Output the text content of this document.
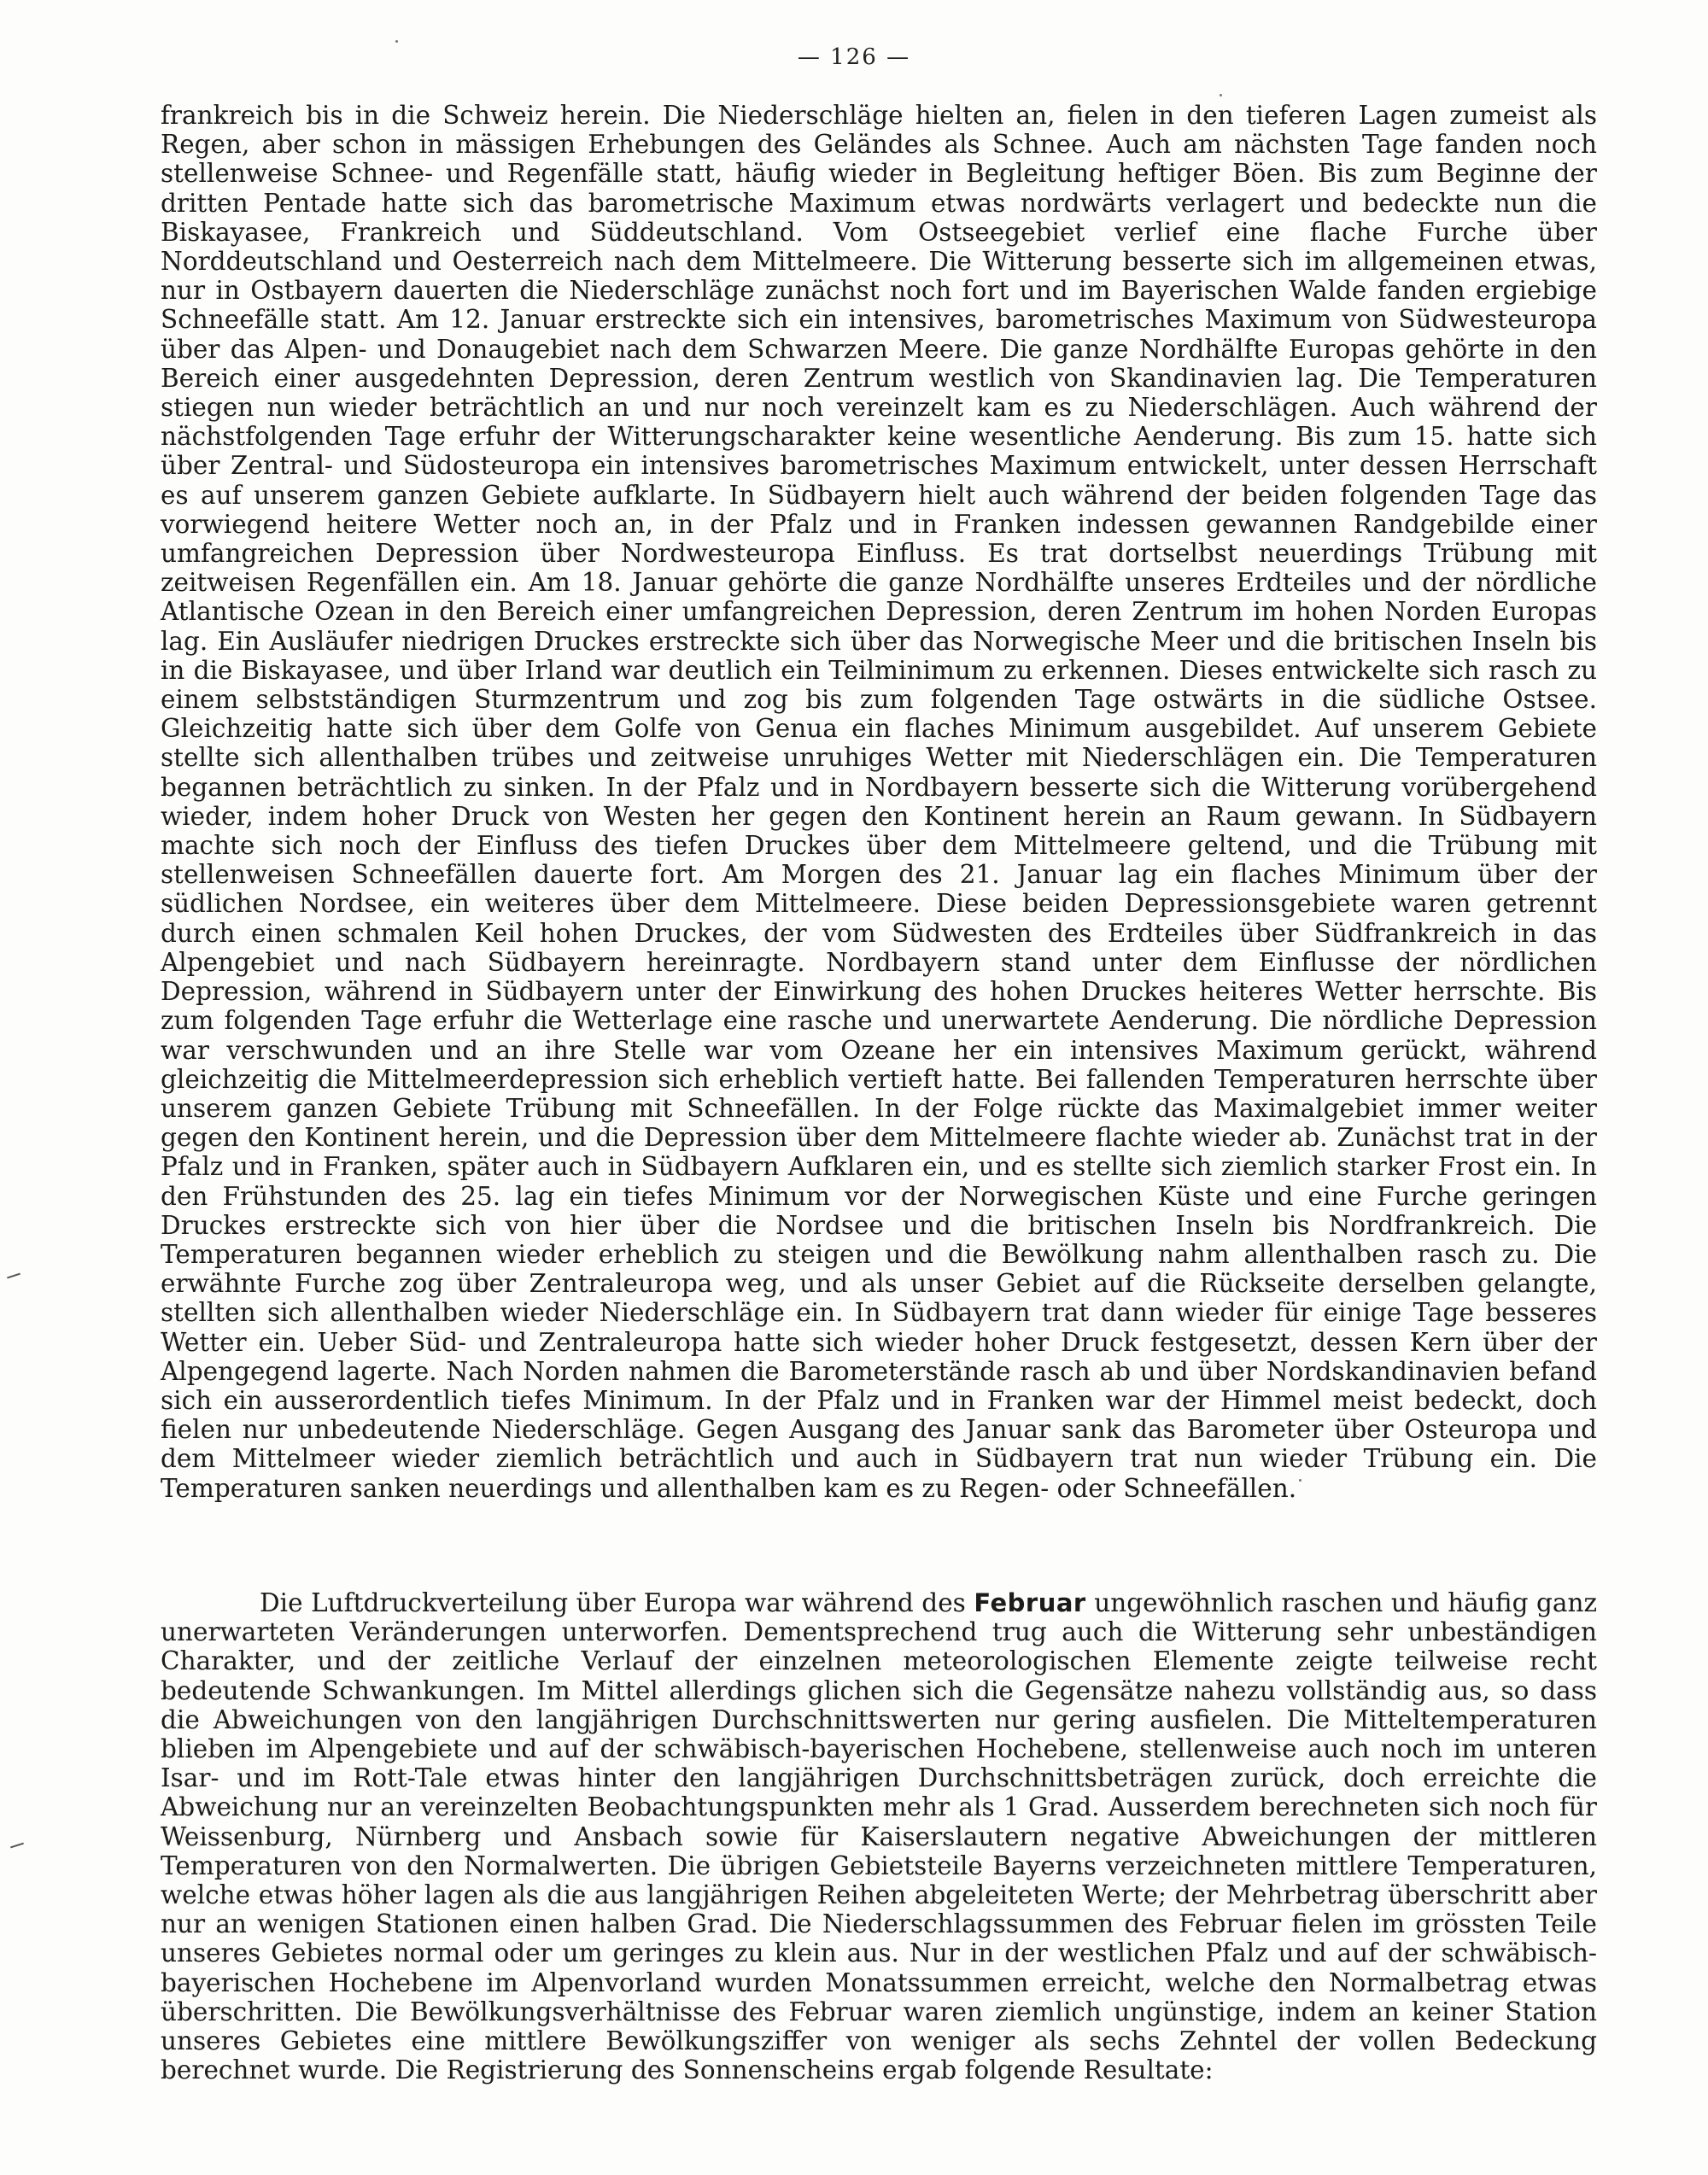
— 126 —

frankreich bis in die Schweiz herein. Die Niederschläge hielten an, fielen in den tieferen Lagen zumeist als Regen, aber schon in mässigen Erhebungen des Geländes als Schnee. Auch am nächsten Tage fanden noch stellenweise Schnee- und Regenfälle statt, häufig wieder in Begleitung heftiger Böen. Bis zum Beginne der dritten Pentade hatte sich das barometrische Maximum etwas nordwärts verlagert und bedeckte nun die Biskayasee, Frankreich und Süddeutschland. Vom Ostseegebiet verlief eine flache Furche über Norddeutschland und Oesterreich nach dem Mittelmeere. Die Witterung besserte sich im allgemeinen etwas, nur in Ostbayern dauerten die Niederschläge zunächst noch fort und im Bayerischen Walde fanden ergiebige Schneefälle statt. Am 12. Januar erstreckte sich ein intensives, barometrisches Maximum von Südwesteuropa über das Alpen- und Donaugebiet nach dem Schwarzen Meere. Die ganze Nordhälfte Europas gehörte in den Bereich einer ausgedehnten Depression, deren Zentrum westlich von Skandinavien lag. Die Temperaturen stiegen nun wieder beträchtlich an und nur noch vereinzelt kam es zu Niederschlägen. Auch während der nächstfolgenden Tage erfuhr der Witterungscharakter keine wesentliche Aenderung. Bis zum 15. hatte sich über Zentral- und Südosteuropa ein intensives barometrisches Maximum entwickelt, unter dessen Herrschaft es auf unserem ganzen Gebiete aufklarte. In Südbayern hielt auch während der beiden folgenden Tage das vorwiegend heitere Wetter noch an, in der Pfalz und in Franken indessen gewannen Randgebilde einer umfangreichen Depression über Nordwesteuropa Einfluss. Es trat dortselbst neuerdings Trübung mit zeitweisen Regenfällen ein. Am 18. Januar gehörte die ganze Nordhälfte unseres Erdteiles und der nördliche Atlantische Ozean in den Bereich einer umfangreichen Depression, deren Zentrum im hohen Norden Europas lag. Ein Ausläufer niedrigen Druckes erstreckte sich über das Norwegische Meer und die britischen Inseln bis in die Biskayasee, und über Irland war deutlich ein Teilminimum zu erkennen. Dieses entwickelte sich rasch zu einem selbstständigen Sturmzentrum und zog bis zum folgenden Tage ostwärts in die südliche Ostsee. Gleichzeitig hatte sich über dem Golfe von Genua ein flaches Minimum ausgebildet. Auf unserem Gebiete stellte sich allenthalben trübes und zeitweise unruhiges Wetter mit Niederschlägen ein. Die Temperaturen begannen beträchtlich zu sinken. In der Pfalz und in Nordbayern besserte sich die Witterung vorübergehend wieder, indem hoher Druck von Westen her gegen den Kontinent herein an Raum gewann. In Südbayern machte sich noch der Einfluss des tiefen Druckes über dem Mittelmeere geltend, und die Trübung mit stellenweisen Schneefällen dauerte fort. Am Morgen des 21. Januar lag ein flaches Minimum über der südlichen Nordsee, ein weiteres über dem Mittelmeere. Diese beiden Depressionsgebiete waren getrennt durch einen schmalen Keil hohen Druckes, der vom Südwesten des Erdteiles über Südfrankreich in das Alpengebiet und nach Südbayern hereinragte. Nordbayern stand unter dem Einflusse der nördlichen Depression, während in Südbayern unter der Einwirkung des hohen Druckes heiteres Wetter herrschte. Bis zum folgenden Tage erfuhr die Wetterlage eine rasche und unerwartete Aenderung. Die nördliche Depression war verschwunden und an ihre Stelle war vom Ozeane her ein intensives Maximum gerückt, während gleichzeitig die Mittelmeerdepression sich erheblich vertieft hatte. Bei fallenden Temperaturen herrschte über unserem ganzen Gebiete Trübung mit Schneefällen. In der Folge rückte das Maximalgebiet immer weiter gegen den Kontinent herein, und die Depression über dem Mittelmeere flachte wieder ab. Zunächst trat in der Pfalz und in Franken, später auch in Südbayern Aufklaren ein, und es stellte sich ziemlich starker Frost ein. In den Frühstunden des 25. lag ein tiefes Minimum vor der Norwegischen Küste und eine Furche geringen Druckes erstreckte sich von hier über die Nordsee und die britischen Inseln bis Nordfrankreich. Die Temperaturen begannen wieder erheblich zu steigen und die Bewölkung nahm allenthalben rasch zu. Die erwähnte Furche zog über Zentraleuropa weg, und als unser Gebiet auf die Rückseite derselben gelangte, stellten sich allenthalben wieder Niederschläge ein. In Südbayern trat dann wieder für einige Tage besseres Wetter ein. Ueber Süd- und Zentraleuropa hatte sich wieder hoher Druck festgesetzt, dessen Kern über der Alpengegend lagerte. Nach Norden nahmen die Barometerstände rasch ab und über Nordskandinavien befand sich ein ausserordentlich tiefes Minimum. In der Pfalz und in Franken war der Himmel meist bedeckt, doch fielen nur unbedeutende Niederschläge. Gegen Ausgang des Januar sank das Barometer über Osteuropa und dem Mittelmeer wieder ziemlich beträchtlich und auch in Südbayern trat nun wieder Trübung ein. Die Temperaturen sanken neuerdings und allenthalben kam es zu Regen- oder Schneefällen.

Die Luftdruckverteilung über Europa war während des Februar ungewöhnlich raschen und häufig ganz unerwarteten Veränderungen unterworfen. Dementsprechend trug auch die Witterung sehr unbeständigen Charakter, und der zeitliche Verlauf der einzelnen meteorologischen Elemente zeigte teilweise recht bedeutende Schwankungen. Im Mittel allerdings glichen sich die Gegensätze nahezu vollständig aus, so dass die Abweichungen von den langjährigen Durchschnittswerten nur gering ausfielen. Die Mitteltemperaturen blieben im Alpengebiete und auf der schwäbisch-bayerischen Hochebene, stellenweise auch noch im unteren Isar- und im Rott-Tale etwas hinter den langjährigen Durchschnittsbeträgen zurück, doch erreichte die Abweichung nur an vereinzelten Beobachtungspunkten mehr als 1 Grad. Ausserdem berechneten sich noch für Weissenburg, Nürnberg und Ansbach sowie für Kaiserslautern negative Abweichungen der mittleren Temperaturen von den Normalwerten. Die übrigen Gebietsteile Bayerns verzeichneten mittlere Temperaturen, welche etwas höher lagen als die aus langjährigen Reihen abgeleiteten Werte; der Mehrbetrag überschritt aber nur an wenigen Stationen einen halben Grad. Die Niederschlagssummen des Februar fielen im grössten Teile unseres Gebietes normal oder um geringes zu klein aus. Nur in der westlichen Pfalz und auf der schwäbisch-bayerischen Hochebene im Alpenvorland wurden Monatssummen erreicht, welche den Normalbetrag etwas überschritten. Die Bewölkungsverhältnisse des Februar waren ziemlich ungünstige, indem an keiner Station unseres Gebietes eine mittlere Bewölkungsziffer von weniger als sechs Zehntel der vollen Bedeckung berechnet wurde. Die Registrierung des Sonnenscheins ergab folgende Resultate:
